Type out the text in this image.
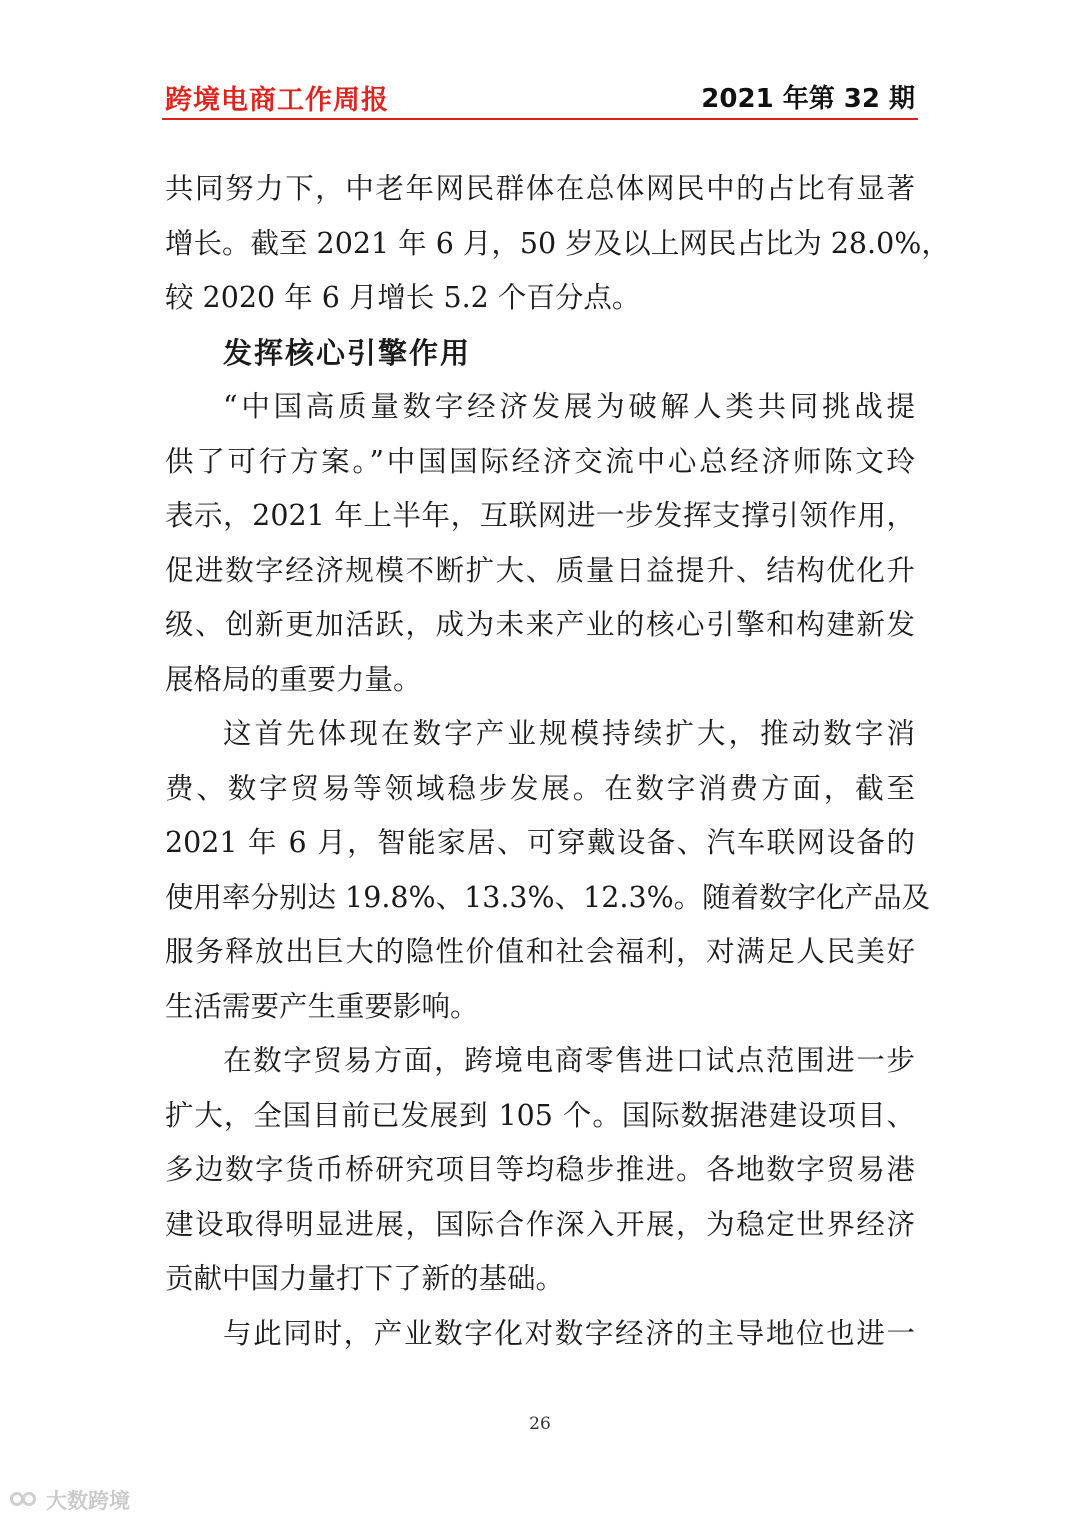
跨境电商工作周报	2021 年第 32 期
共同努力下，中老年网民群体在总体网民中的占比有显著
增长。截至 2021 年 6 月，50 岁及以上网民占比为 28.0%，
较 2020 年 6 月增长 5.2 个百分点。
发挥核心引擎作用
“中国高质量数字经济发展为破解人类共同挑战提
供了可行方案。”中国国际经济交流中心总经济师陈文玲
表示，2021 年上半年，互联网进一步发挥支撑引领作用，
促进数字经济规模不断扩大、质量日益提升、结构优化升
级、创新更加活跃，成为未来产业的核心引擎和构建新发
展格局的重要力量。
这首先体现在数字产业规模持续扩大，推动数字消
费、数字贸易等领域稳步发展。在数字消费方面，截至
2021 年 6 月，智能家居、可穿戴设备、汽车联网设备的
使用率分别达 19.8%、13.3%、12.3%。随着数字化产品及
服务释放出巨大的隐性价值和社会福利，对满足人民美好
生活需要产生重要影响。
在数字贸易方面，跨境电商零售进口试点范围进一步
扩大，全国目前已发展到 105 个。国际数据港建设项目、
多边数字货币桥研究项目等均稳步推进。各地数字贸易港
建设取得明显进展，国际合作深入开展，为稳定世界经济
贡献中国力量打下了新的基础。
与此同时，产业数字化对数字经济的主导地位也进一
26
大数跨境
